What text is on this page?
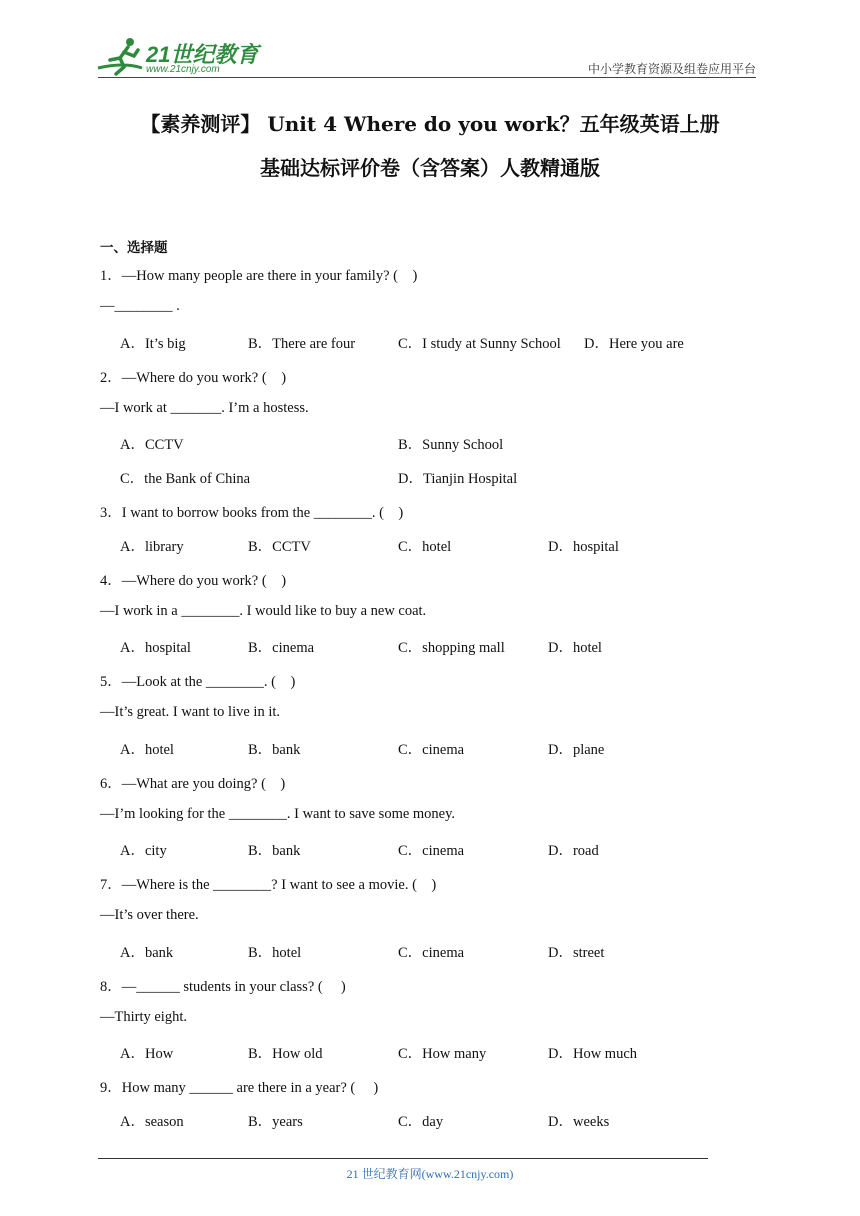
21世纪教育
www.21cnjy.com	中小学教育资源及组卷应用平台
【素养测评】 Unit 4 Where do you work？五年级英语上册
基础达标评价卷（含答案）人教精通版
一、选择题
1．—How many people are there in your family? (    )
—________ .
A．It’s big	B．There are four	C．I study at Sunny School D．Here you are
2．—Where do you work? (    )
—I work at _______. I’m a hostess.
A．CCTV	B．Sunny School
C．the Bank of China	D．Tianjin Hospital
3．I want to borrow books from the ________. (    )
A．library	B．CCTV	C．hotel	D．hospital
4．—Where do you work? (    )
—I work in a ________. I would like to buy a new coat.
A．hospital	B．cinema	C．shopping mall	D．hotel
5．—Look at the ________. (    )
—It’s great. I want to live in it.
A．hotel	B．bank	C．cinema	D．plane
6．—What are you doing? (    )
—I’m looking for the ________. I want to save some money.
A．city	B．bank	C．cinema	D．road
7．—Where is the ________? I want to see a movie. (    )
—It’s over there.
A．bank	B．hotel	C．cinema	D．street
8．—______ students in your class? (     )
—Thirty eight.
A．How	B．How old	C．How many	D．How much
9．How many ______ are there in a year? (     )
A．season	B．years	C．day	D．weeks
21 世纪教育网(www.21cnjy.com)
